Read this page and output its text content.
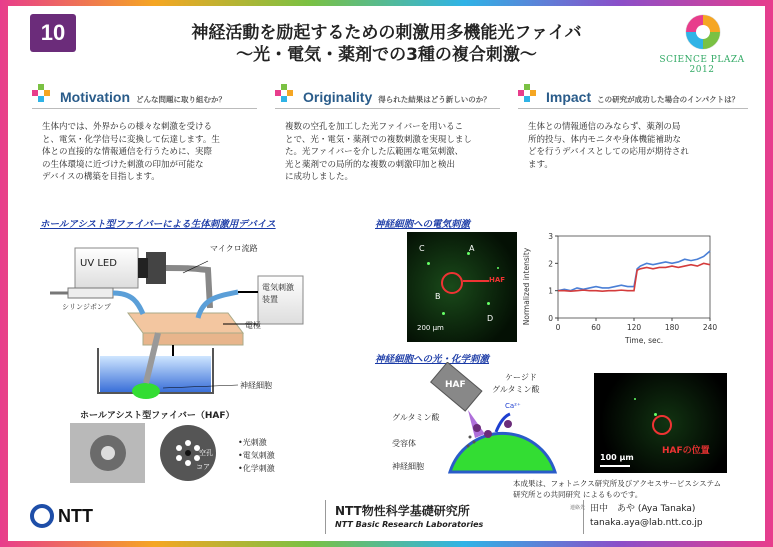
10	神経活動を励起するための刺激用多機能光ファイバ
～光・電気・薬剤での3種の複合刺激～	SCIENCE PLAZA 2012
Motivation どんな問題に取り組むか？
生体内では、外界からの様々な刺激を受ける
と、電気・化学信号に変換して伝達します。生
体との直接的な情報通信を行うために、実際
の生体環境に近づけた刺激の印加が可能な
デバイスの構築を目指します。
Originality 得られた結果はどう新しいのか？
複数の空孔を加工した光ファイバーを用いるこ
とで、光・電気・薬剤での複数刺激を実現しまし
た。光ファイバーを介した広範囲な電気刺激、
光と薬剤での局所的な複数の刺激印加と検出
に成功しました。
Impact この研究が成功した場合のインパクトは？
生体との情報通信のみならず、薬剤の局
所的投与、体内モニタや身体機能補助な
どを行うデバイスとしての応用が期待され
ます。
ホールアシスト型ファイバーによる生体刺激用デバイス
UV LED
マイクロ流路
シリンジポンプ
電気刺激
装置
電極
神経細胞
ホールアシスト型ファイバー（HAF）
空孔
コア
•光刺激
•電気刺激
•化学刺激
神経細胞への電気刺激
C	A
B
D
HAF
200 µm	0	60	120	180	240
0
1
2
3
Time, sec.
Normalized intensity
神経細胞への光・化学刺激
HAF
ケージド
グルタミン酸
グルタミン酸
Ca²⁺
受容体
神経細胞
HAFの位置
100 µm
本成果は、フォトニクス研究所及びアクセスサービスシステム
研究所との共同研究 によるものです。
NTT	NTT物性科学基礎研究所
NTT Basic Research Laboratories
連絡先 田中　あや (Aya Tanaka)
tanaka.aya@lab.ntt.co.jp
